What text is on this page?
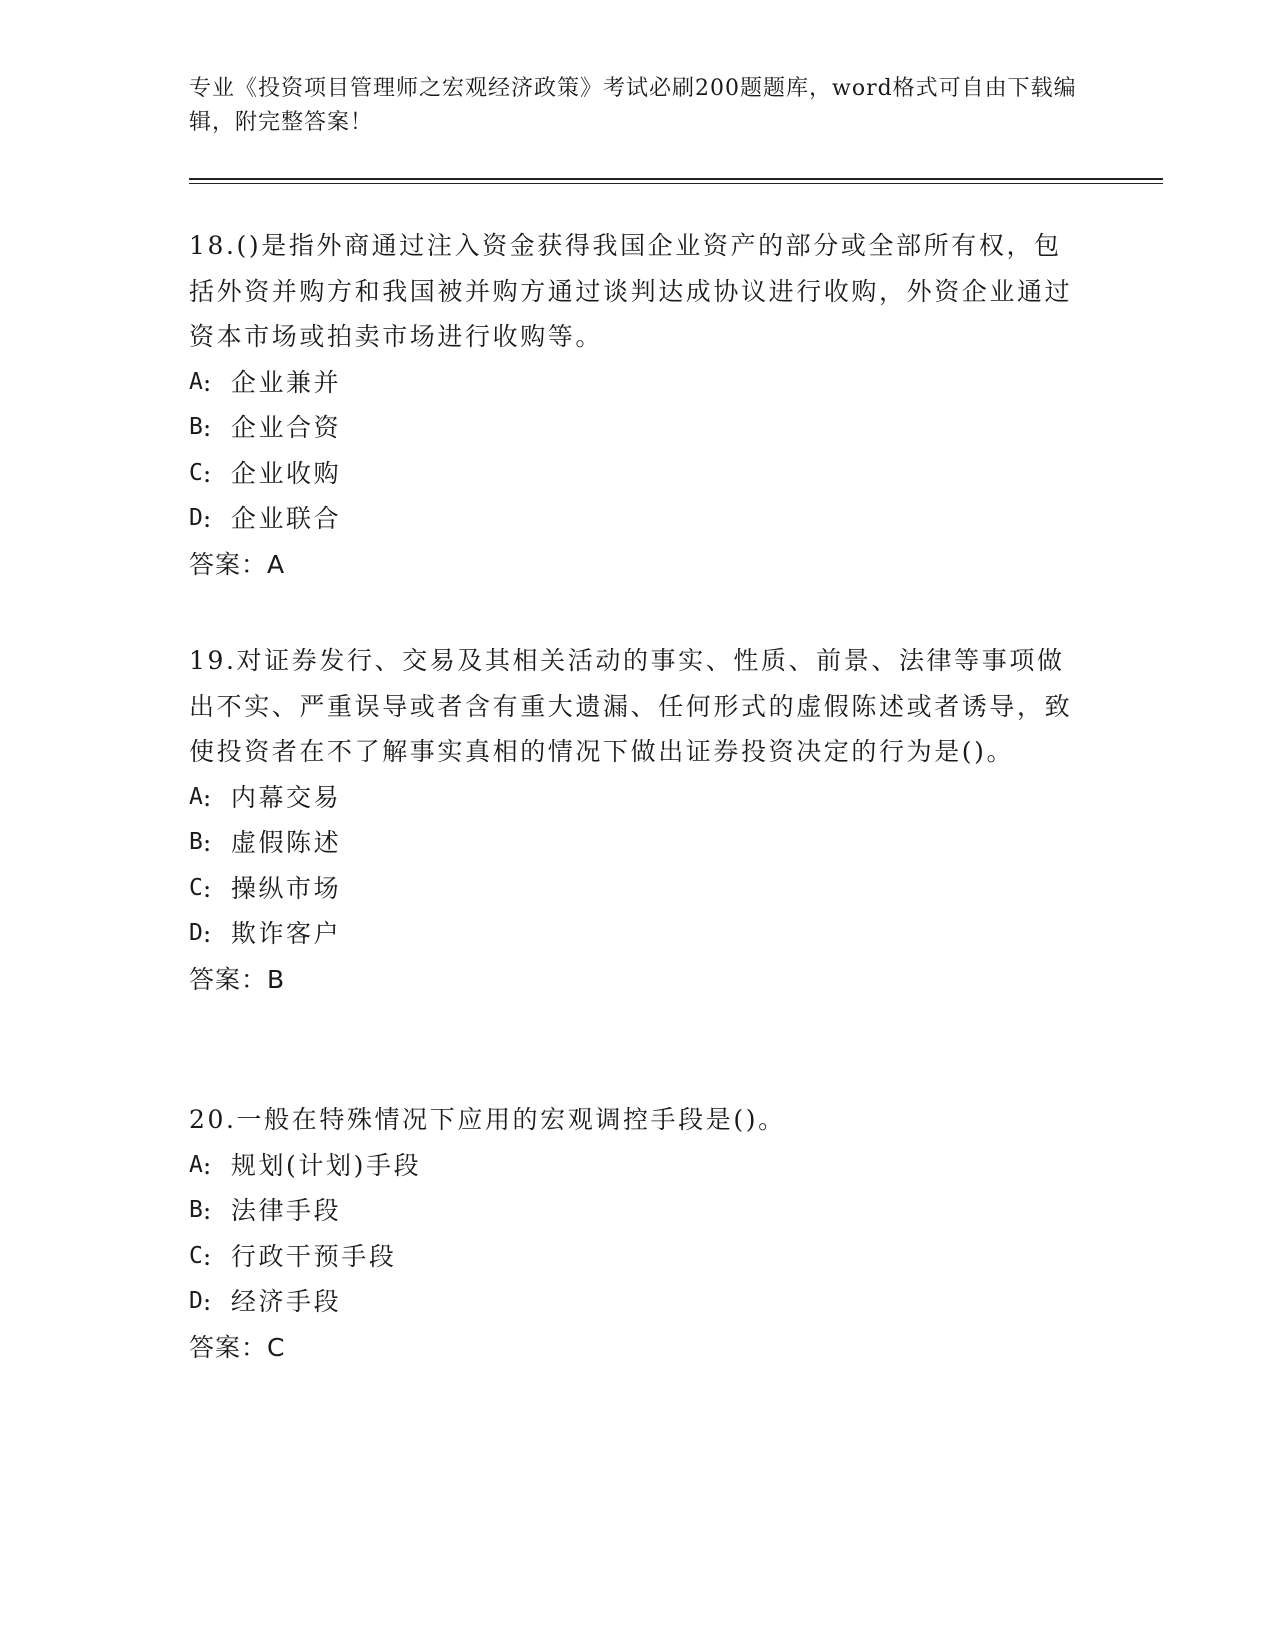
专业《投资项目管理师之宏观经济政策》考试必刷200题题库，word格式可自由下载编辑，附完整答案！

18.()是指外商通过注入资金获得我国企业资产的部分或全部所有权，包括外资并购方和我国被并购方通过谈判达成协议进行收购，外资企业通过资本市场或拍卖市场进行收购等。

A : 企业兼并
B : 企业合资
C : 企业收购
D : 企业联合
答案：A

19.对证券发行、交易及其相关活动的事实、性质、前景、法律等事项做出不实、严重误导或者含有重大遗漏、任何形式的虚假陈述或者诱导，致使投资者在不了解事实真相的情况下做出证券投资决定的行为是()。

A : 内幕交易
B : 虚假陈述
C : 操纵市场
D : 欺诈客户
答案：B

20.一般在特殊情况下应用的宏观调控手段是()。

A : 规划(计划)手段
B : 法律手段
C : 行政干预手段
D : 经济手段
答案：C
